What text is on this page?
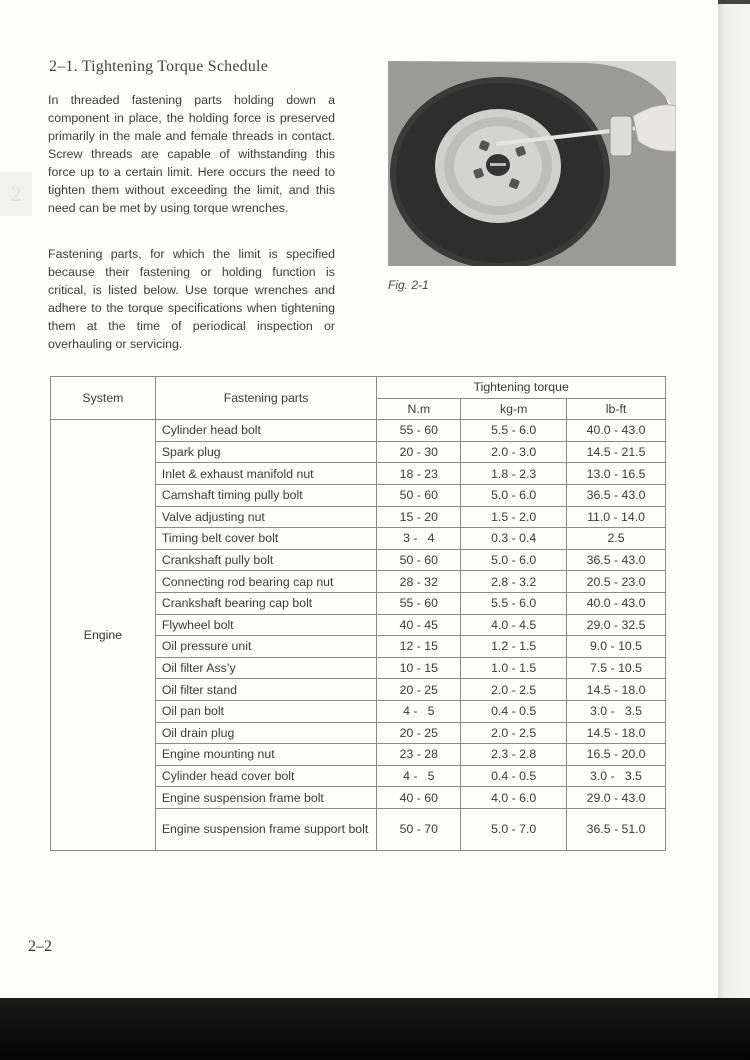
2
2–1. Tightening Torque Schedule

In threaded fastening parts holding down a component in place, the holding force is preserved primarily in the male and female threads in contact. Screw threads are capable of withstanding this force up to a certain limit. Here occurs the need to tighten them without exceeding the limit, and this need can be met by using torque wrenches.

Fastening parts, for which the limit is specified because their fastening or holding function is critical, is listed below. Use torque wrenches and adhere to the torque specifications when tightening them at the time of periodical inspection or overhauling or servicing.

Fig. 2-1
System	Fastening parts	Tightening torque		
		N.m	kg-m	lb-ft
Engine	Cylinder head bolt	55 - 60	5.5 - 6.0	40.0 - 43.0
	Spark plug	20 - 30	2.0 - 3.0	14.5 - 21.5
	Inlet & exhaust manifold nut	18 - 23	1.8 - 2.3	13.0 - 16.5
	Camshaft timing pully bolt	50 - 60	5.0 - 6.0	36.5 - 43.0
	Valve adjusting nut	15 - 20	1.5 - 2.0	11.0 - 14.0
	Timing belt cover bolt	3 -   4	0.3 - 0.4	2.5
	Crankshaft pully bolt	50 - 60	5.0 - 6.0	36.5 - 43.0
	Connecting rod bearing cap nut	28 - 32	2.8 - 3.2	20.5 - 23.0
	Crankshaft bearing cap bolt	55 - 60	5.5 - 6.0	40.0 - 43.0
	Flywheel bolt	40 - 45	4.0 - 4.5	29.0 - 32.5
	Oil pressure unit	12 - 15	1.2 - 1.5	9.0 - 10.5
	Oil filter Ass’y	10 - 15	1.0 - 1.5	7.5 - 10.5
	Oil filter stand	20 - 25	2.0 - 2.5	14.5 - 18.0
	Oil pan bolt	4 -   5	0.4 - 0.5	3.0 -   3.5
	Oil drain plug	20 - 25	2.0 - 2.5	14.5 - 18.0
	Engine mounting nut	23 - 28	2.3 - 2.8	16.5 - 20.0
	Cylinder head cover bolt	4 -   5	0.4 - 0.5	3.0 -   3.5
	Engine suspension frame bolt	40 - 60	4.0 - 6.0	29.0 - 43.0
	Engine suspension frame support bolt	50 - 70	5.0 - 7.0	36.5 - 51.0
2–2
